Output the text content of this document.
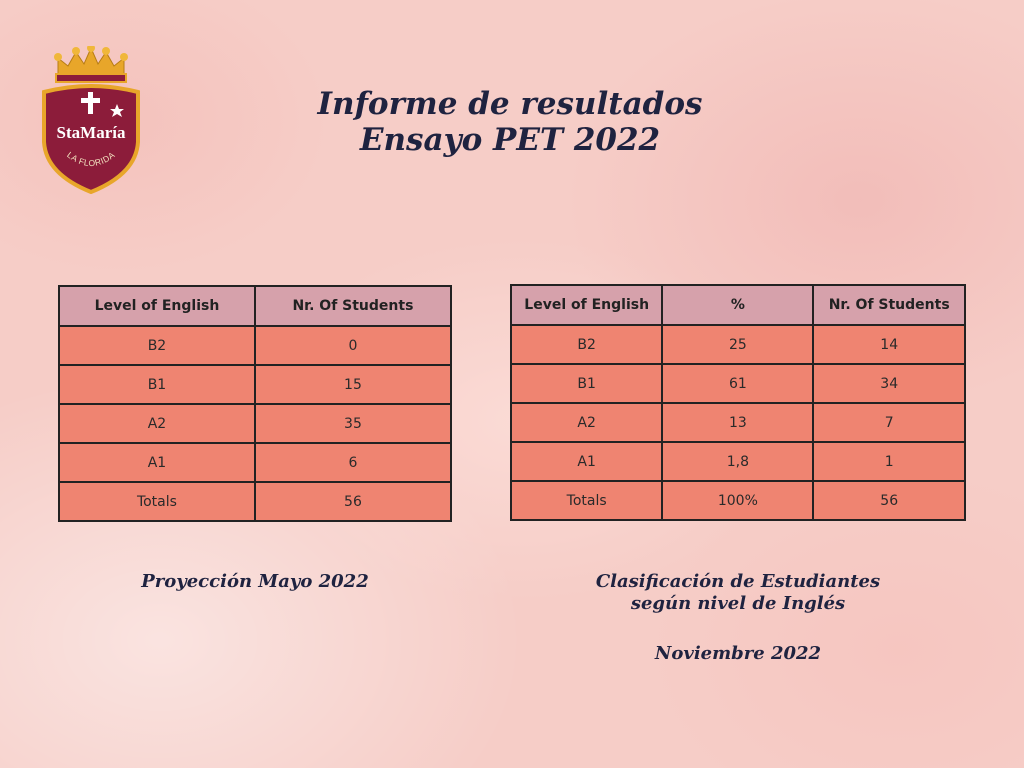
StaMaría
LA FLORIDA
Informe de resultados
Ensayo PET 2022
Level of English	Nr. Of Students
B2	0
B1	15
A2	35
A1	6
Totals	56
Level of English	%	Nr. Of Students
B2	25	14
B1	61	34
A2	13	7
A1	1,8	1
Totals	100%	56
Proyección Mayo 2022	Clasificación de Estudiantes
según nivel de Inglés
Noviembre 2022
